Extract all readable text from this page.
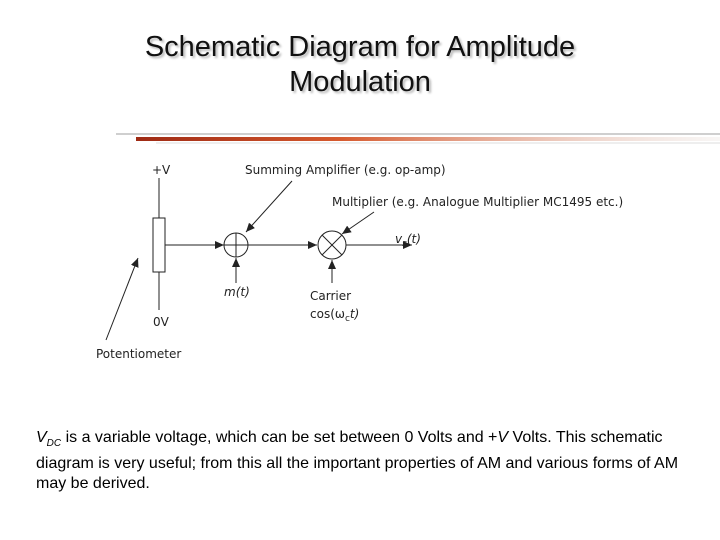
Schematic Diagram for Amplitude
Modulation
+V
0V
m(t)	Carrier
$\cos(\omega_ct)$
$v_s(t)$
Summing Amplifier (e.g. op-amp)
Multiplier (e.g. Analogue Multiplier MC1495 etc.)
Potentiometer
$V_{DC}$ is a variable voltage, which can be set between 0 Volts and +V Volts. This schematic diagram is very useful; from this all the important properties of AM and various forms of AM may be derived.
